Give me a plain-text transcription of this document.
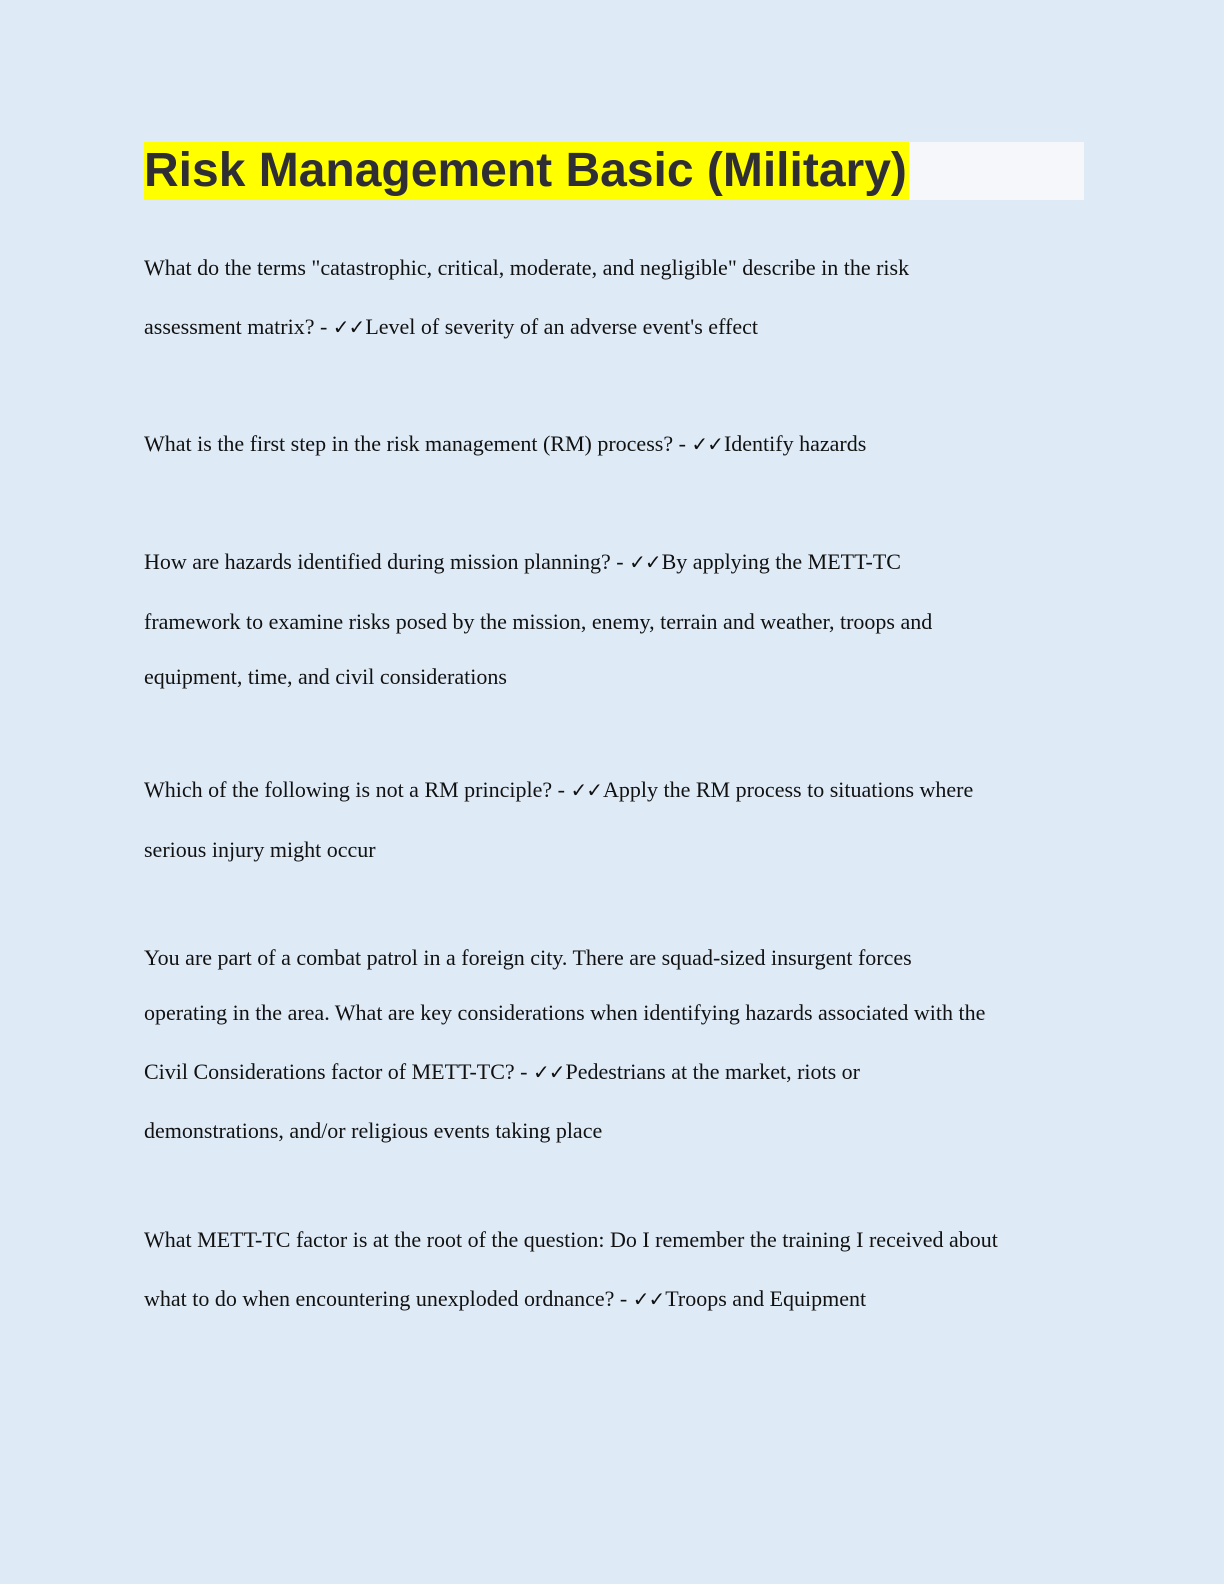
Risk Management Basic (Military)
What do the terms "catastrophic, critical, moderate, and negligible" describe in the risk
assessment matrix? - ✓✓Level of severity of an adverse event's effect
What is the first step in the risk management (RM) process? - ✓✓Identify hazards
How are hazards identified during mission planning? - ✓✓By applying the METT-TC
framework to examine risks posed by the mission, enemy, terrain and weather, troops and
equipment, time, and civil considerations
Which of the following is not a RM principle? - ✓✓Apply the RM process to situations where
serious injury might occur
You are part of a combat patrol in a foreign city. There are squad-sized insurgent forces
operating in the area. What are key considerations when identifying hazards associated with the
Civil Considerations factor of METT-TC? - ✓✓Pedestrians at the market, riots or
demonstrations, and/or religious events taking place
What METT-TC factor is at the root of the question: Do I remember the training I received about
what to do when encountering unexploded ordnance? - ✓✓Troops and Equipment
